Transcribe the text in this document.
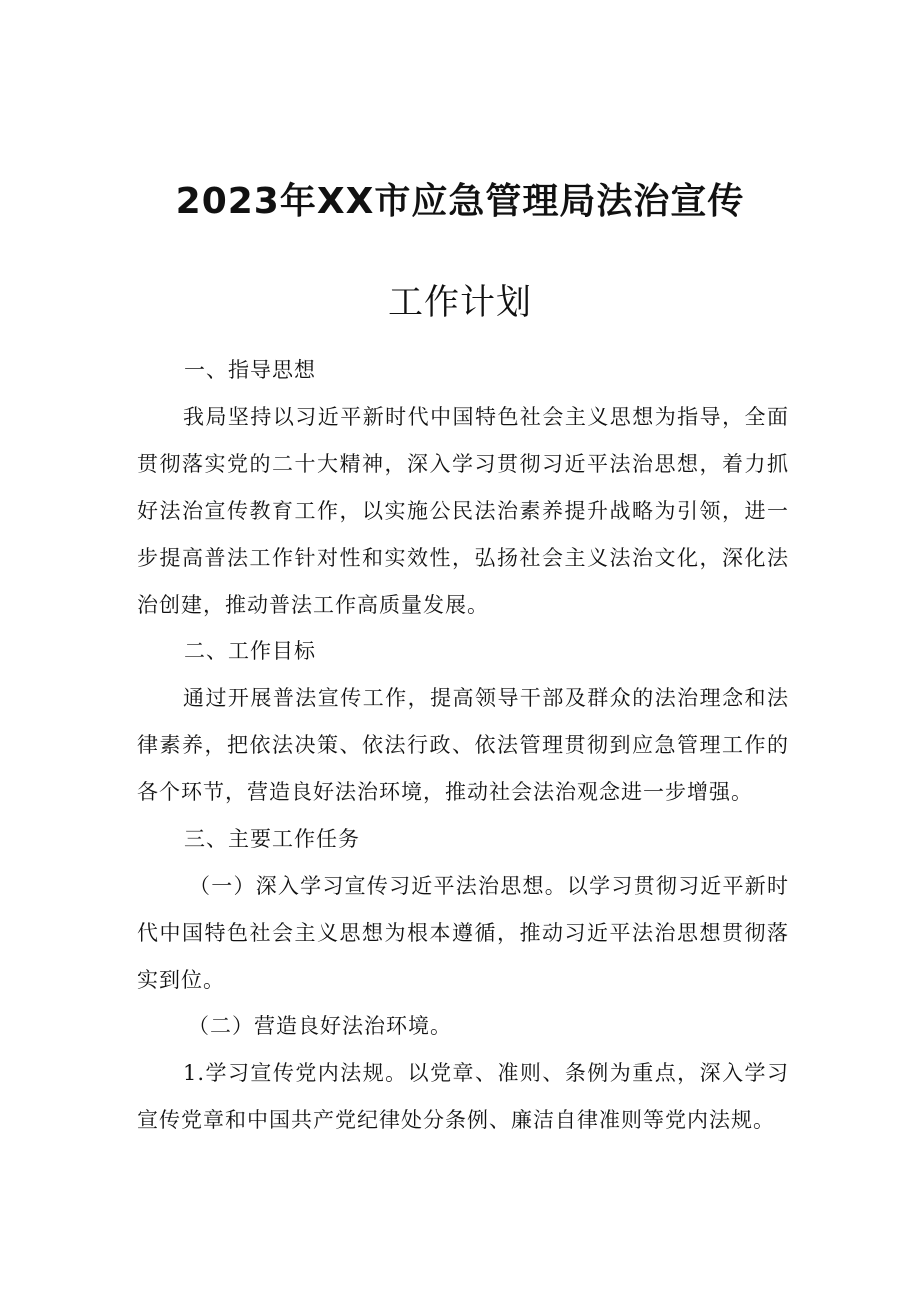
2023年XX市应急管理局法治宣传
工作计划

一、指导思想

我局坚持以习近平新时代中国特色社会主义思想为指导，全面贯彻落实党的二十大精神，深入学习贯彻习近平法治思想，着力抓好法治宣传教育工作，以实施公民法治素养提升战略为引领，进一步提高普法工作针对性和实效性，弘扬社会主义法治文化，深化法治创建，推动普法工作高质量发展。

二、工作目标

通过开展普法宣传工作，提高领导干部及群众的法治理念和法律素养，把依法决策、依法行政、依法管理贯彻到应急管理工作的各个环节，营造良好法治环境，推动社会法治观念进一步增强。

三、主要工作任务

（一）深入学习宣传习近平法治思想。以学习贯彻习近平新时代中国特色社会主义思想为根本遵循，推动习近平法治思想贯彻落实到位。

（二）营造良好法治环境。

1.学习宣传党内法规。以党章、准则、条例为重点，深入学习宣传党章和中国共产党纪律处分条例、廉洁自律准则等党内法规。
